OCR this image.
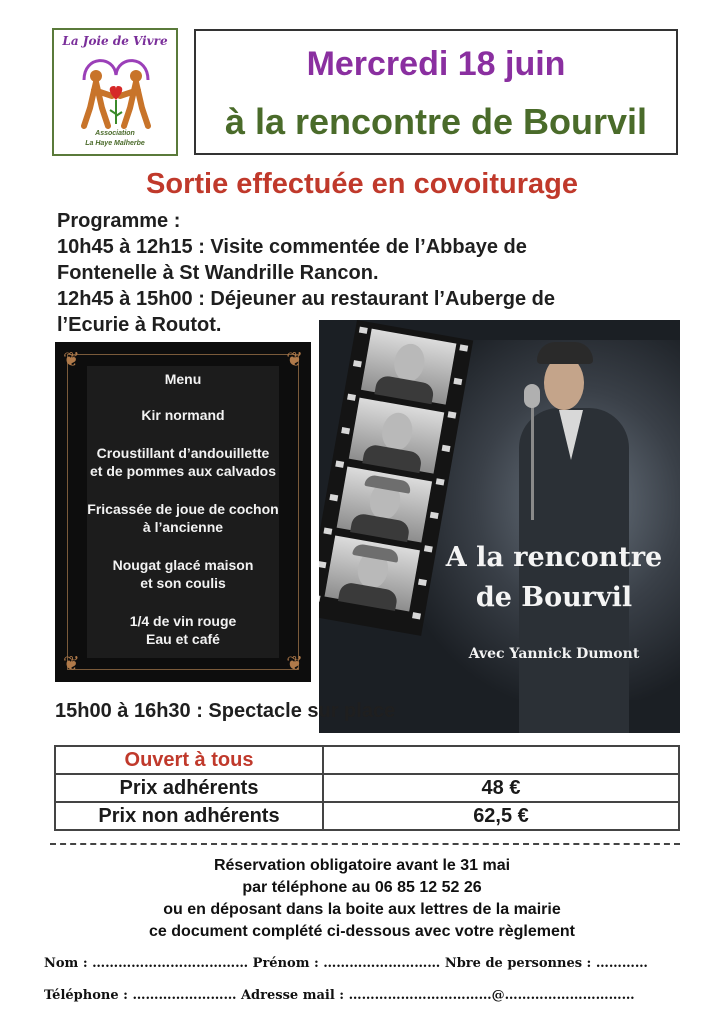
La Joie de Vivre
Association
La Haye Malherbe
Mercredi 18 juin
à la rencontre de Bourvil
Sortie effectuée en covoiturage
Programme :
10h45 à 12h15 : Visite commentée de l’Abbaye de
Fontenelle à St Wandrille Rancon.
12h45 à 15h00 : Déjeuner au restaurant l’Auberge de
l’Ecurie à Routot.
❦	❦
❦	❦
Menu
Kir normand
Croustillant d’andouillette
et de pommes aux calvados
Fricassée de joue de cochon
à l’ancienne
Nougat glacé maison
et son coulis
1/4 de vin rouge
Eau et café
A la rencontre
de Bourvil
Avec Yannick Dumont
15h00 à 16h30 : Spectacle sur place
Ouvert à tous	
Prix adhérents	48 €
Prix non adhérents	62,5 €
Réservation obligatoire avant le 31 mai
par téléphone au 06 85 12 52 26
ou en déposant dans la boite aux lettres de la mairie
ce document complété ci-dessous avec votre règlement
Nom : ……………………………… Prénom : ……………………… Nbre de personnes : …………
Téléphone : …………………… Adresse mail : ……………………………@…………………………
